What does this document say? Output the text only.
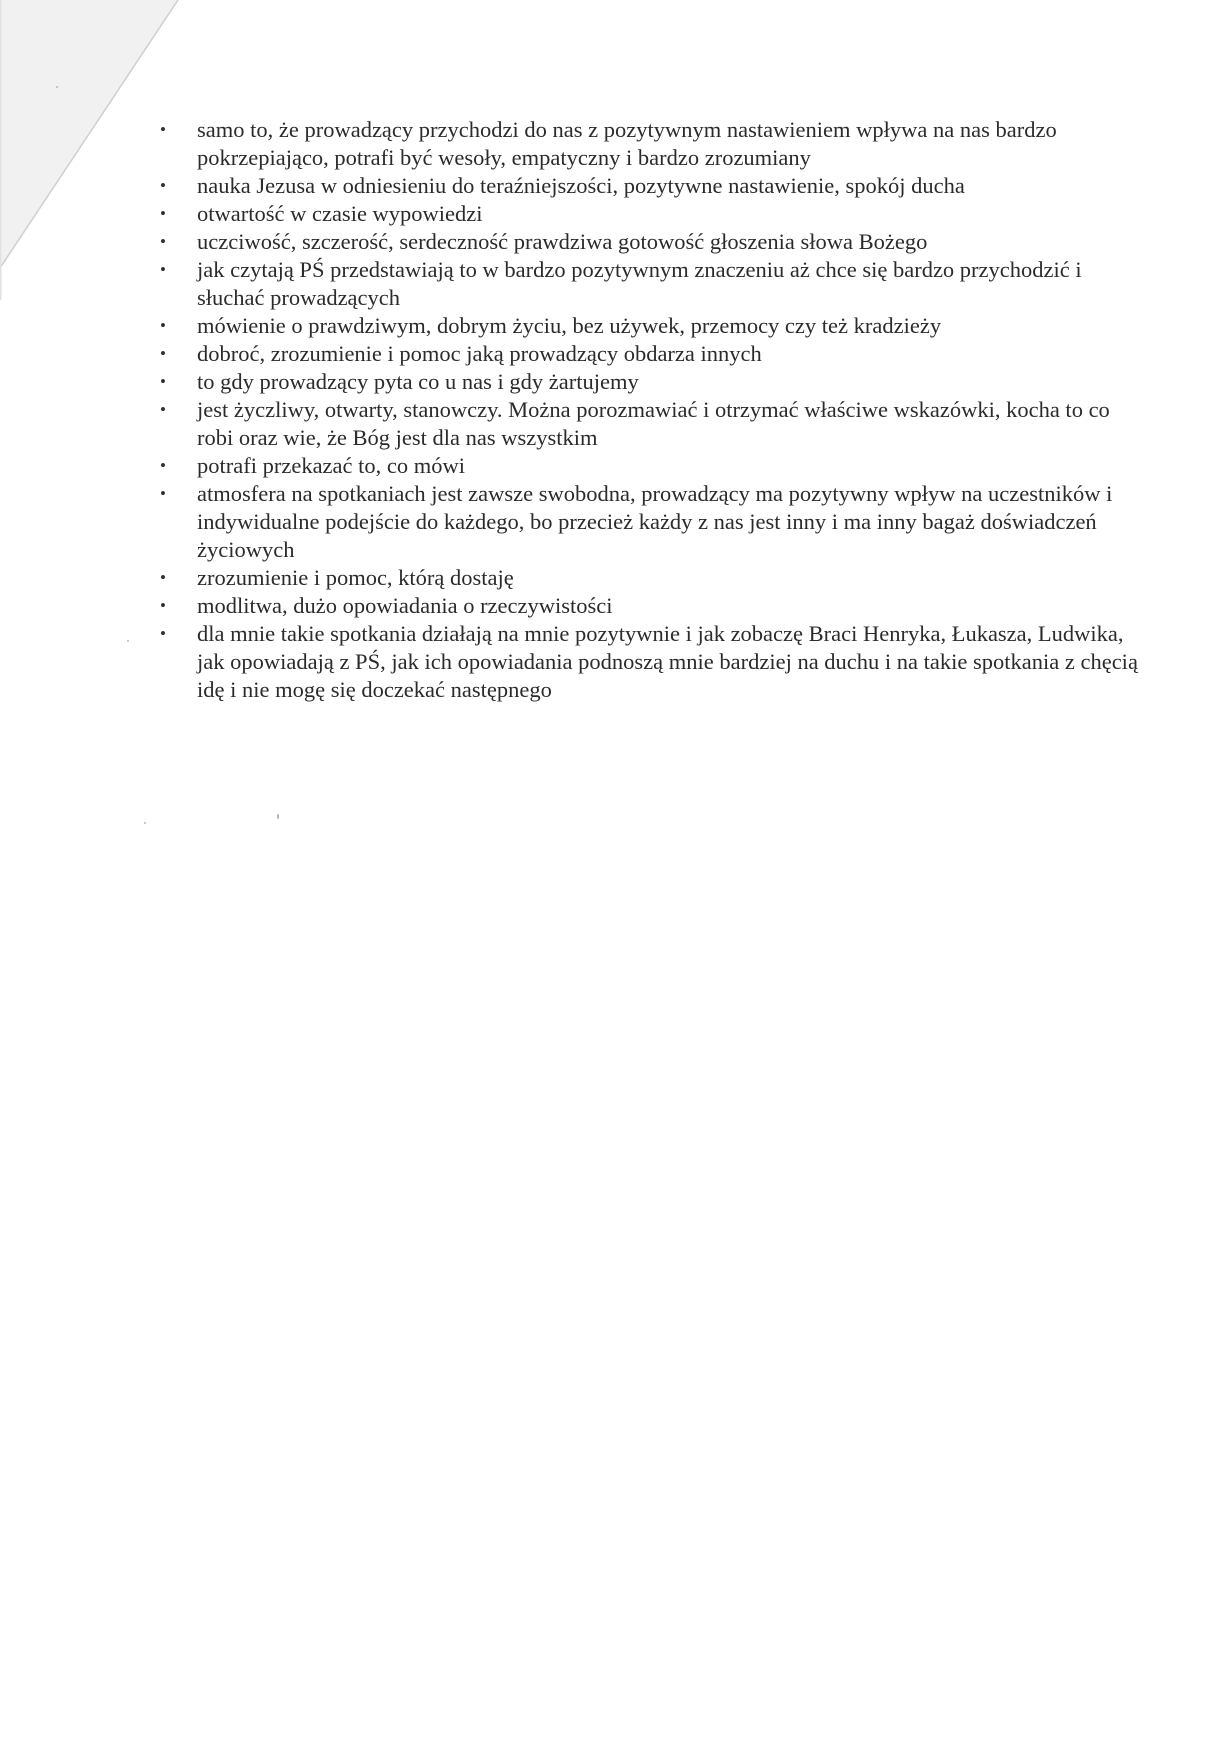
• samo to, że prowadzący przychodzi do nas z pozytywnym nastawieniem wpływa na nas bardzo pokrzepiająco, potrafi być wesoły, empatyczny i bardzo zrozumiany
• nauka Jezusa w odniesieniu do teraźniejszości, pozytywne nastawienie, spokój ducha
• otwartość w czasie wypowiedzi
• uczciwość, szczerość, serdeczność prawdziwa gotowość głoszenia słowa Bożego
• jak czytają PŚ przedstawiają to w bardzo pozytywnym znaczeniu aż chce się bardzo przychodzić i słuchać prowadzących
• mówienie o prawdziwym, dobrym życiu, bez używek, przemocy czy też kradzieży
• dobroć, zrozumienie i pomoc jaką prowadzący obdarza innych
• to gdy prowadzący pyta co u nas i gdy żartujemy
• jest życzliwy, otwarty, stanowczy. Można porozmawiać i otrzymać właściwe wskazówki, kocha to co robi oraz wie, że Bóg jest dla nas wszystkim
• potrafi przekazać to, co mówi
• atmosfera na spotkaniach jest zawsze swobodna, prowadzący ma pozytywny wpływ na uczestników i indywidualne podejście do każdego, bo przecież każdy z nas jest inny i ma inny bagaż doświadczeń życiowych
• zrozumienie i pomoc, którą dostaję
• modlitwa, dużo opowiadania o rzeczywistości
• dla mnie takie spotkania działają na mnie pozytywnie i jak zobaczę Braci Henryka, Łukasza, Ludwika, jak opowiadają z PŚ, jak ich opowiadania podnoszą mnie bardziej na duchu i na takie spotkania z chęcią idę i nie mogę się doczekać następnego
